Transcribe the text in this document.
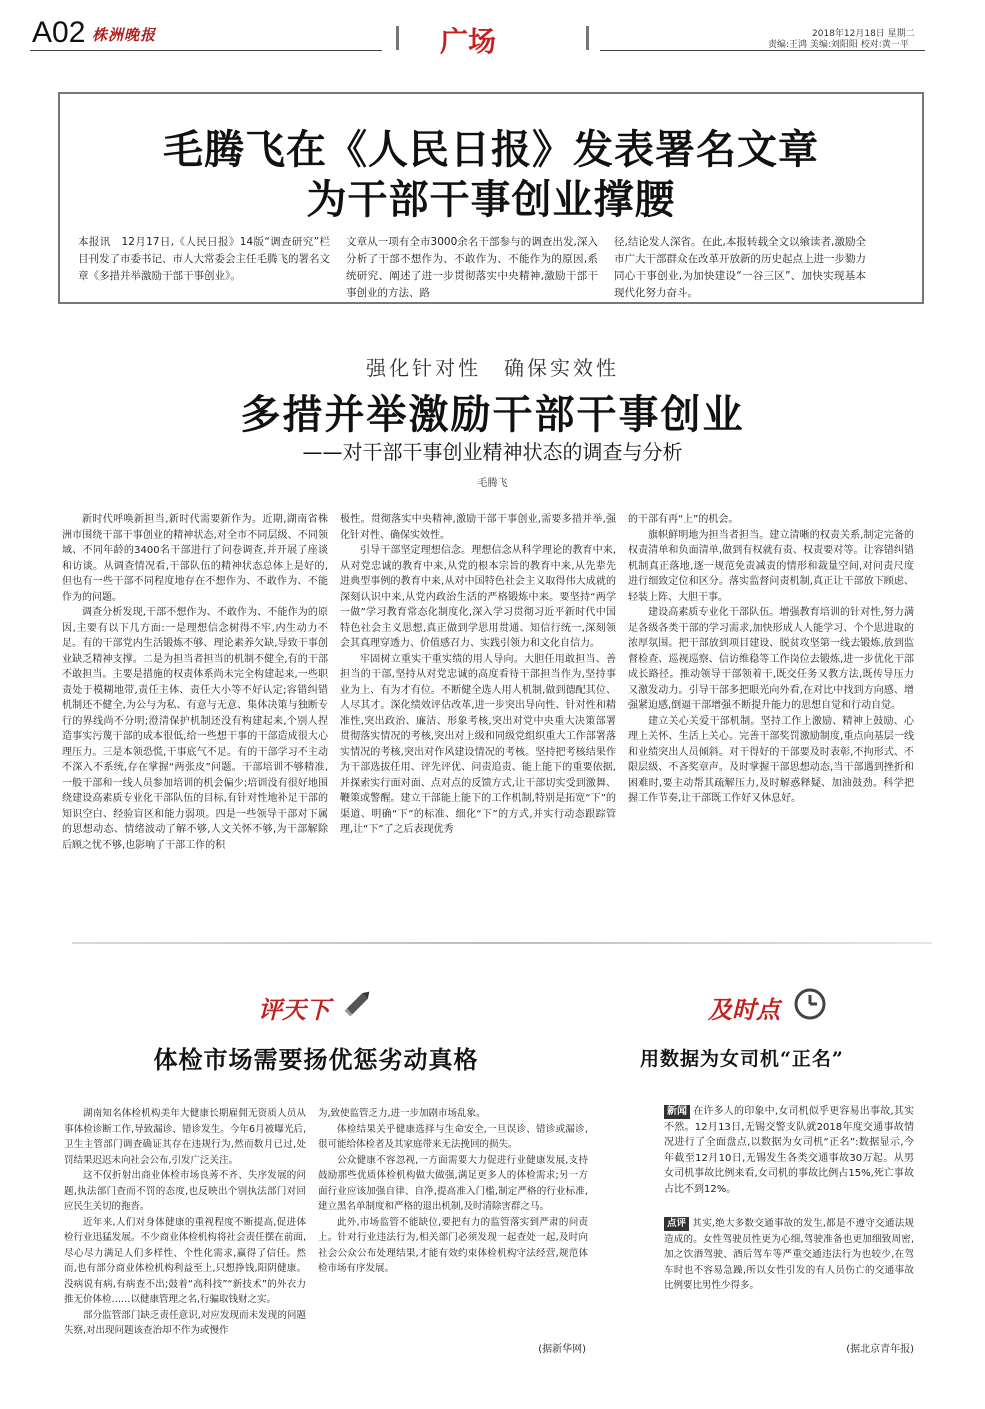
A02 株洲晚报	广场	2018年12月18日 星期二
责编:王鸿 美编:刘阳阳 校对:黄一平
毛腾飞在《人民日报》发表署名文章
为干部干事创业撑腰
本报讯　12月17日,《人民日报》14版“调查研究”栏目刊发了市委书记、市人大常委会主任毛腾飞的署名文章《多措并举激励干部干事创业》。
文章从一项有全市3000余名干部参与的调查出发,深入分析了干部不想作为、不敢作为、不能作为的原因,系统研究、阐述了进一步贯彻落实中央精神,激励干部干事创业的方法、路
径,结论发人深省。在此,本报转载全文以飨读者,激励全市广大干部群众在改革开放新的历史起点上进一步勠力同心干事创业,为加快建设“一谷三区”、加快实现基本现代化努力奋斗。
强化针对性　确保实效性
多措并举激励干部干事创业
——对干部干事创业精神状态的调查与分析
毛腾飞

新时代呼唤新担当,新时代需要新作为。近期,湖南省株洲市围绕干部干事创业的精神状态,对全市不同层级、不同领域、不同年龄的3400名干部进行了问卷调查,并开展了座谈和访谈。从调查情况看,干部队伍的精神状态总体上是好的,但也有一些干部不同程度地存在不想作为、不敢作为、不能作为的问题。

调查分析发现,干部不想作为、不敢作为、不能作为的原因,主要有以下几方面:一是理想信念树得不牢,内生动力不足。有的干部党内生活锻炼不够、理论素养欠缺,导致干事创业缺乏精神支撑。二是为担当者担当的机制不健全,有的干部不敢担当。主要是措施的权责体系尚未完全构建起来,一些职责处于模糊地带,责任主体、责任大小等不好认定;容错纠错机制还不健全,为公与为私、有意与无意、集体决策与独断专行的界线尚不分明;澄清保护机制还没有构建起来,个别人捏造事实污蔑干部的成本很低,给一些想干事的干部造成很大心理压力。三是本领恐慌,干事底气不足。有的干部学习不主动不深入不系统,存在掌握“两张皮”问题。干部培训不够精准,一般干部和一线人员参加培训的机会偏少;培训没有很好地围绕建设高素质专业化干部队伍的目标,有针对性地补足干部的知识空白、经验盲区和能力弱项。四是一些领导干部对下属的思想动态、情绪波动了解不够,人文关怀不够,为干部解除后顾之忧不够,也影响了干部工作的积

极性。贯彻落实中央精神,激励干部干事创业,需要多措并举,强化针对性、确保实效性。

引导干部坚定理想信念。理想信念从科学理论的教育中来,从对党忠诚的教育中来,从党的根本宗旨的教育中来,从先辈先进典型事例的教育中来,从对中国特色社会主义取得伟大成就的深刻认识中来,从党内政治生活的严格锻炼中来。要坚持“两学一做”学习教育常态化制度化,深入学习贯彻习近平新时代中国特色社会主义思想,真正做到学思用贯通、知信行统一,深刻领会其真理穿透力、价值感召力、实践引领力和文化自信力。

牢固树立重实干重实绩的用人导向。大胆任用敢担当、善担当的干部,坚持从对党忠诚的高度看待干部担当作为,坚持事业为上、有为才有位。不断健全选人用人机制,做到德配其位、人尽其才。深化绩效评估改革,进一步突出导向性、针对性和精准性,突出政治、廉洁、形象考核,突出对党中央重大决策部署贯彻落实情况的考核,突出对上级和同级党组织重大工作部署落实情况的考核,突出对作风建设情况的考核。坚持把考核结果作为干部选拔任用、评先评优、问责追责、能上能下的重要依据,并探索实行面对面、点对点的反馈方式,让干部切实受到激舞、鞭策或警醒。建立干部能上能下的工作机制,特别是拓宽“下”的渠道、明确“下”的标准、细化“下”的方式,并实行动态跟踪管理,让“下”了之后表现优秀

的干部有再“上”的机会。

旗帜鲜明地为担当者担当。建立清晰的权责关系,制定完备的权责清单和负面清单,做到有权就有责、权责要对等。让容错纠错机制真正落地,逐一规范免责减责的情形和裁量空间,对问责尺度进行细致定位和区分。落实监督问责机制,真正让干部放下顾虑、轻装上阵、大胆干事。

建设高素质专业化干部队伍。增强教育培训的针对性,努力满足各级各类干部的学习需求,加快形成人人能学习、个个思进取的浓厚氛围。把干部放到项目建设、脱贫攻坚第一线去锻炼,放到监督检查、巡视巡察、信访维稳等工作岗位去锻炼,进一步优化干部成长路径。推动领导干部领着干,既交任务又教方法,既传导压力又激发动力。引导干部多把眼光向外看,在对比中找到方向感、增强紧迫感,倒逼干部增强不断提升能力的思想自觉和行动自觉。

建立关心关爱干部机制。坚持工作上激励、精神上鼓励、心理上关怀、生活上关心。完善干部奖罚激励制度,重点向基层一线和业绩突出人员倾斜。对干得好的干部要及时表彰,不拘形式、不限层级、不吝奖章声。及时掌握干部思想动态,当干部遇到挫折和困难时,要主动帮其疏解压力,及时解惑释疑、加油鼓劲。科学把握工作节奏,让干部既工作好又休息好。

评天下
体检市场需要扬优惩劣动真格

湖南知名体检机构美年大健康长期雇佣无资质人员从事体检诊断工作,导致漏诊、错诊发生。今年6月被曝光后,卫生主管部门调查确证其存在违规行为,然而数月已过,处罚结果迟迟未向社会公布,引发广泛关注。

这不仅折射出商业体检市场良莠不齐、失序发展的问题,执法部门查而不罚的态度,也反映出个别执法部门对回应民生关切的拖沓。

近年来,人们对身体健康的重视程度不断提高,促进体检行业迅猛发展。不少商业体检机构将社会责任摆在前面,尽心尽力满足人们多样性、个性化需求,赢得了信任。然而,也有部分商业体检机构利益至上,只想挣钱,阳阴健康。没病说有病,有病查不出;鼓着“高科技”“新技术”的外衣力推无价体检……以健康管理之名,行骗取钱财之实。

部分监管部门缺乏责任意识,对应发现而未发现的问题失察,对出现问题该查治却不作为或慢作

为,致使监管乏力,进一步加剧市场乱象。

体检结果关乎健康选择与生命安全,一旦误诊、错诊或漏诊,很可能给体检者及其家庭带来无法挽回的损失。

公众健康不容忽视,一方面需要大力促进行业健康发展,支持鼓励那些优质体检机构做大做强,满足更多人的体检需求;另一方面行业应该加强自律、自净,提高准入门槛,制定严格的行业标准,建立黑名单制度和严格的退出机制,及时清除害群之马。

此外,市场监管不能缺位,要把有力的监管落实到严肃的问责上。针对行业违法行为,相关部门必须发现一起查处一起,及时向社会公众公布处理结果,才能有效约束体检机构守法经营,规范体检市场有序发展。

(据新华网)
及时点
用数据为女司机“正名”
新闻 在许多人的印象中,女司机似乎更容易出事故,其实不然。12月13日,无锡交警支队就2018年度交通事故情况进行了全面盘点,以数据为女司机“正名”:数据显示,今年截至12月10日,无锡发生各类交通事故30万起。从男女司机事故比例来看,女司机的事故比例占15%,死亡事故占比不到12%。
点评 其实,绝大多数交通事故的发生,都是不遵守交通法规造成的。女性驾驶员性更为心细,驾驶准备也更加细致周密,加之饮酒驾驶、酒后驾车等严重交通违法行为也较少,在驾车时也不容易急躁,所以女性引发的有人员伤亡的交通事故比例要比男性少得多。
(据北京青年报)
